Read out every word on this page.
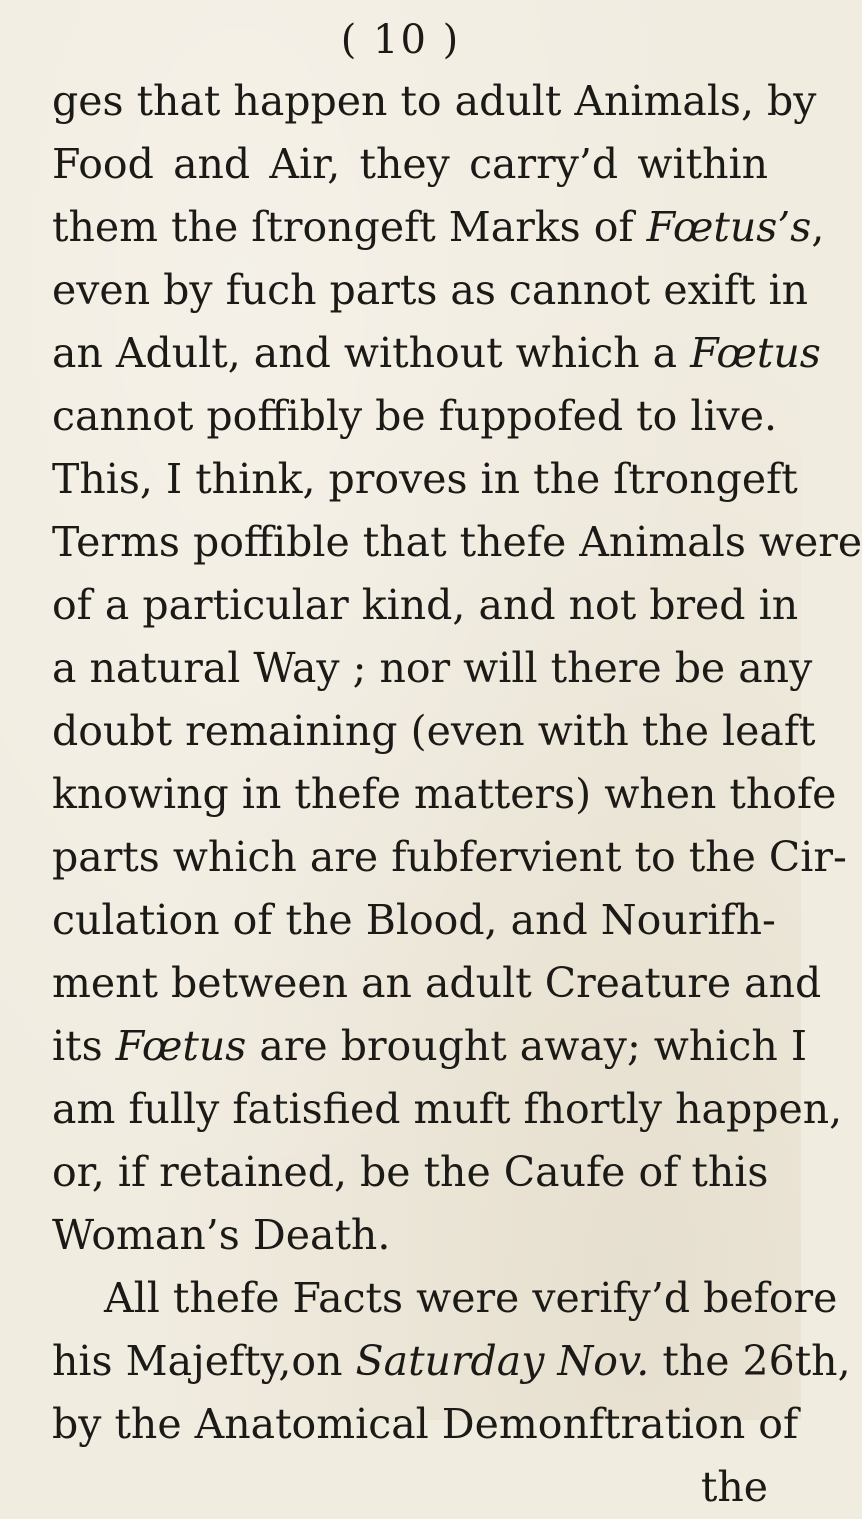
( 10 )
ges that happen to adult Animals, by
Food and Air, they carry’d within
them the ſtrongeft Marks of Fœtus’s,
even by fuch parts as cannot exift in
an Adult, and without which a Fœtus
cannot poffibly be fuppofed to live.
This, I think, proves in the ſtrongeft
Terms poffible that thefe Animals were
of a particular kind, and not bred in
a natural Way ; nor will there be any
doubt remaining (even with the leaft
knowing in thefe matters) when thofe
parts which are fubfervient to the Cir-
culation of the Blood, and Nourifh-
ment between an adult Creature and
its Fœtus are brought away; which I
am fully fatisfied muft fhortly happen,
or, if retained, be the Caufe of this
Woman’s Death.
All thefe Facts were verify’d before
his Majefty,on Saturday Nov. the 26th,
by the Anatomical Demonftration of
the
